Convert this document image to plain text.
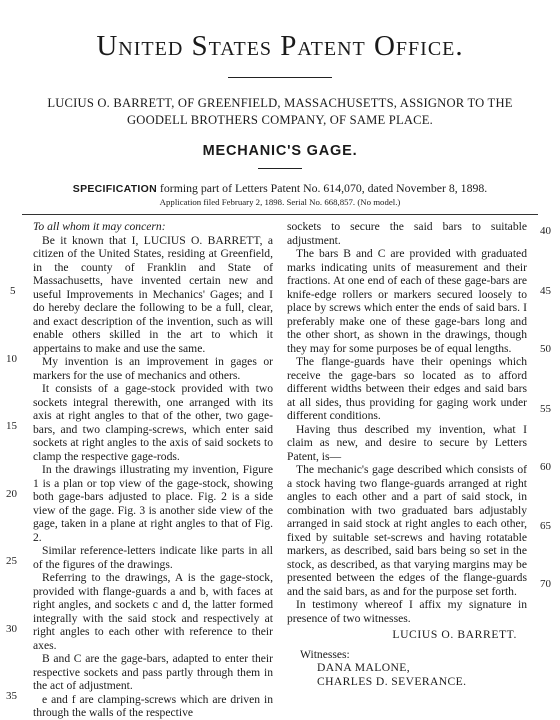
United States Patent Office.
LUCIUS O. BARRETT, OF GREENFIELD, MASSACHUSETTS, ASSIGNOR TO THE
GOODELL BROTHERS COMPANY, OF SAME PLACE.
MECHANIC'S GAGE.
SPECIFICATION forming part of Letters Patent No. 614,070, dated November 8, 1898.
Application filed February 2, 1898. Serial No. 668,857. (No model.)

To all whom it may concern:

Be it known that I, LUCIUS O. BARRETT, a citizen of the United States, residing at Greenfield, in the county of Franklin and State of Massachusetts, have invented certain new and useful Improvements in Mechanics' Gages; and I do hereby declare the following to be a full, clear, and exact description of the invention, such as will enable others skilled in the art to which it appertains to make and use the same.

My invention is an improvement in gages or markers for the use of mechanics and others.

It consists of a gage-stock provided with two sockets integral therewith, one arranged with its axis at right angles to that of the other, two gage-bars, and two clamping-screws, which enter said sockets at right angles to the axis of said sockets to clamp the respective gage-rods.

In the drawings illustrating my invention, Figure 1 is a plan or top view of the gage-stock, showing both gage-bars adjusted to place. Fig. 2 is a side view of the gage. Fig. 3 is another side view of the gage, taken in a plane at right angles to that of Fig. 2.

Similar reference-letters indicate like parts in all of the figures of the drawings.

Referring to the drawings, A is the gage-stock, provided with flange-guards a and b, with faces at right angles, and sockets c and d, the latter formed integrally with the said stock and respectively at right angles to each other with reference to their axes.

B and C are the gage-bars, adapted to enter their respective sockets and pass partly through them in the act of adjustment.

e and f are clamping-screws which are driven in through the walls of the respective

sockets to secure the said bars to suitable adjustment.

The bars B and C are provided with graduated marks indicating units of measurement and their fractions. At one end of each of these gage-bars are knife-edge rollers or markers secured loosely to place by screws which enter the ends of said bars. I preferably make one of these gage-bars long and the other short, as shown in the drawings, though they may for some purposes be of equal lengths.

The flange-guards have their openings which receive the gage-bars so located as to afford different widths between their edges and said bars at all sides, thus providing for gaging work under different conditions.

Having thus described my invention, what I claim as new, and desire to secure by Letters Patent, is—

The mechanic's gage described which consists of a stock having two flange-guards arranged at right angles to each other and a part of said stock, in combination with two graduated bars adjustably arranged in said stock at right angles to each other, fixed by suitable set-screws and having rotatable markers, as described, said bars being so set in the stock, as described, as that varying margins may be presented between the edges of the flange-guards and the said bars, as and for the purpose set forth.

In testimony whereof I affix my signature in presence of two witnesses.

LUCIUS O. BARRETT.

Witnesses:

DANA MALONE,

CHARLES D. SEVERANCE.

5
10
15
20
25
30
35
40
45
50
55
60
65
70
